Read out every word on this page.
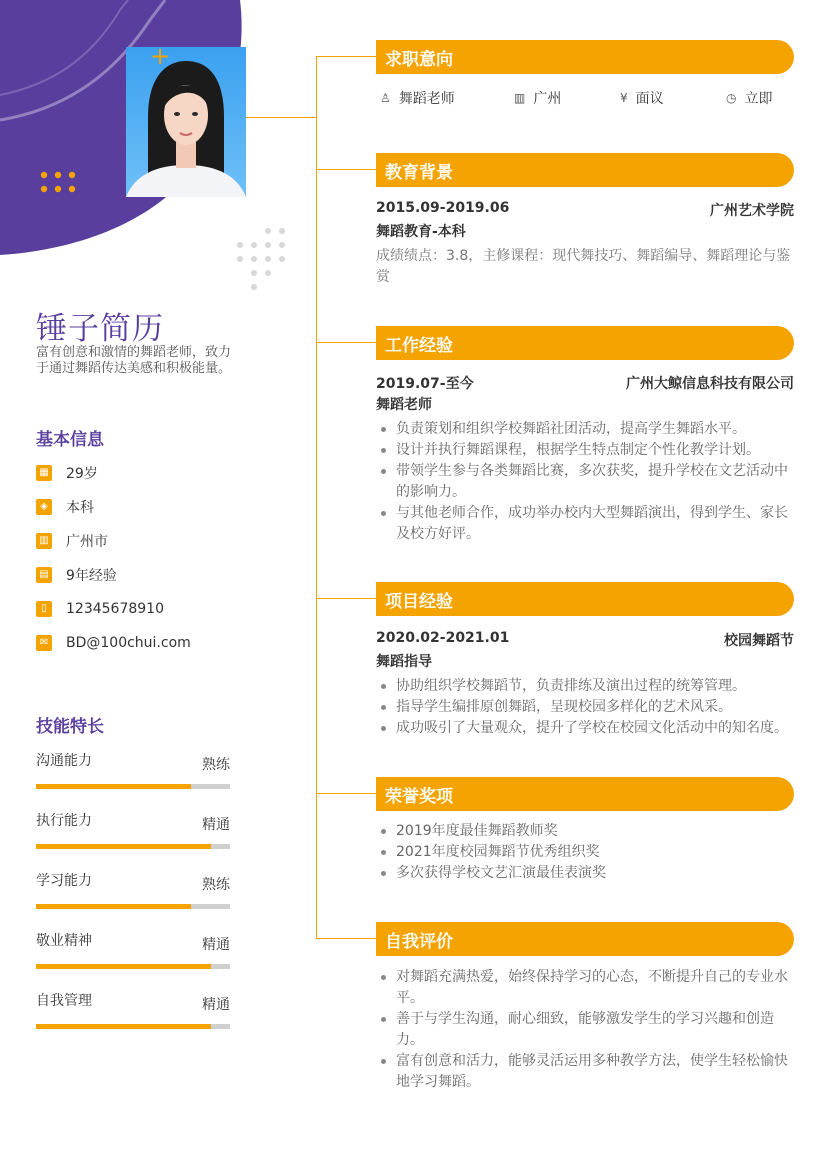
+
锤子简历
富有创意和激情的舞蹈老师，致力于通过舞蹈传达美感和积极能量。
基本信息
▦ 29岁
◈ 本科
▥ 广州市
▤ 9年经验
▯	12345678910
✉ BD@100chui.com
技能特长
沟通能力	熟练
执行能力	精通
学习能力	熟练
敬业精神	精通
自我管理	精通
求职意向
♙ 舞蹈老师	▥ 广州	¥ 面议	◷ 立即
教育背景
2015.09-2019.06	广州艺术学院
舞蹈教育-本科
成绩绩点：3.8，主修课程：现代舞技巧、舞蹈编导、舞蹈理论与鉴赏
工作经验
2019.07-至今	广州大鲸信息科技有限公司
舞蹈老师
负责策划和组织学校舞蹈社团活动，提高学生舞蹈水平。
设计并执行舞蹈课程，根据学生特点制定个性化教学计划。
带领学生参与各类舞蹈比赛，多次获奖，提升学校在文艺活动中的影响力。
与其他老师合作，成功举办校内大型舞蹈演出，得到学生、家长及校方好评。
项目经验
2020.02-2021.01	校园舞蹈节
舞蹈指导
协助组织学校舞蹈节，负责排练及演出过程的统筹管理。
指导学生编排原创舞蹈，呈现校园多样化的艺术风采。
成功吸引了大量观众，提升了学校在校园文化活动中的知名度。
荣誉奖项
2019年度最佳舞蹈教师奖
2021年度校园舞蹈节优秀组织奖
多次获得学校文艺汇演最佳表演奖
自我评价
对舞蹈充满热爱，始终保持学习的心态，不断提升自己的专业水平。
善于与学生沟通，耐心细致，能够激发学生的学习兴趣和创造力。
富有创意和活力，能够灵活运用多种教学方法，使学生轻松愉快地学习舞蹈。
